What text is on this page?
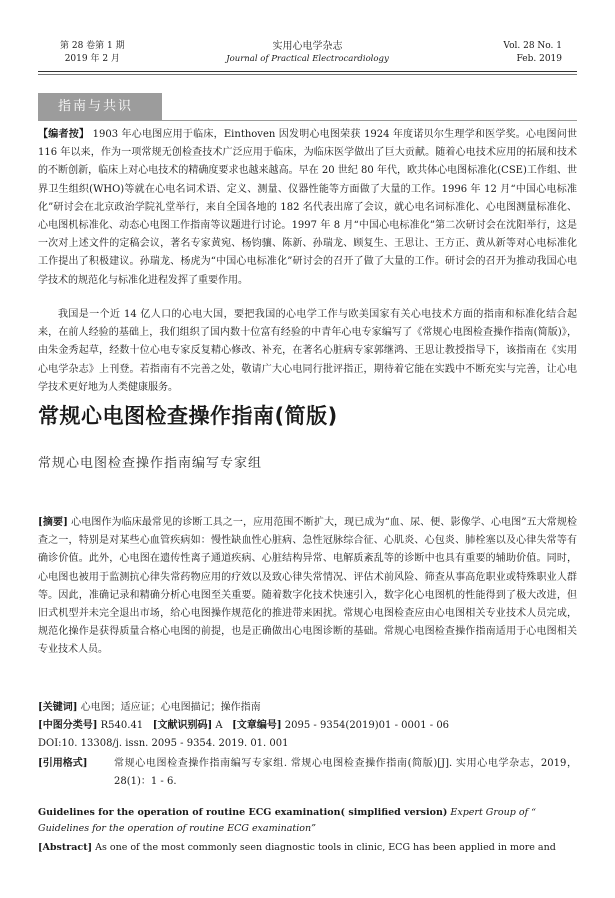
第 28 卷第 1 期
2019 年 2 月
实用心电学杂志
Journal of Practical Electrocardiology
Vol. 28 No. 1
Feb. 2019
指南与共识

【编者按】 1903 年心电图应用于临床，Einthoven 因发明心电图荣获 1924 年度诺贝尔生理学和医学奖。心电图问世 116 年以来，作为一项常规无创检查技术广泛应用于临床，为临床医学做出了巨大贡献。随着心电技术应用的拓展和技术的不断创新，临床上对心电技术的精确度要求也越来越高。早在 20 世纪 80 年代，欧共体心电图标准化(CSE)工作组、世界卫生组织(WHO)等就在心电名词术语、定义、测量、仪器性能等方面做了大量的工作。1996 年 12 月“中国心电标准化”研讨会在北京政治学院礼堂举行，来自全国各地的 182 名代表出席了会议，就心电名词标准化、心电图测量标准化、心电图机标准化、动态心电图工作指南等议题进行讨论。1997 年 8 月“中国心电标准化”第二次研讨会在沈阳举行，这是一次对上述文件的定稿会议，著名专家黄宛、杨钧骧、陈新、孙瑞龙、顾复生、王思让、王方正、黄从新等对心电标准化工作提出了积极建议。孙瑞龙、杨虎为“中国心电标准化”研讨会的召开了做了大量的工作。研讨会的召开为推动我国心电学技术的规范化与标准化进程发挥了重要作用。

我国是一个近 14 亿人口的心电大国，要把我国的心电学工作与欧美国家有关心电技术方面的指南和标准化结合起来，在前人经验的基础上，我们组织了国内数十位富有经验的中青年心电专家编写了《常规心电图检查操作指南(简版)》，由朱金秀起草，经数十位心电专家反复精心修改、补充，在著名心脏病专家郭继鸿、王思让教授指导下，该指南在《实用心电学杂志》上刊登。若指南有不完善之处，敬请广大心电同行批评指正，期待着它能在实践中不断充实与完善，让心电学技术更好地为人类健康服务。

常规心电图检查操作指南(简版)
常规心电图检查操作指南编写专家组

[摘要] 心电图作为临床最常见的诊断工具之一，应用范围不断扩大，现已成为“血、尿、便、影像学、心电图”五大常规检查之一，特别是对某些心血管疾病如：慢性缺血性心脏病、急性冠脉综合征、心肌炎、心包炎、肺栓塞以及心律失常等有确诊价值。此外，心电图在遗传性离子通道疾病、心脏结构异常、电解质紊乱等的诊断中也具有重要的辅助价值。同时，心电图也被用于监测抗心律失常药物应用的疗效以及致心律失常情况、评估术前风险、筛查从事高危职业或特殊职业人群等。因此，准确记录和精确分析心电图至关重要。随着数字化技术快速引入，数字化心电图机的性能得到了极大改进，但旧式机型并未完全退出市场，给心电图操作规范化的推进带来困扰。常规心电图检查应由心电图相关专业技术人员完成，规范化操作是获得质量合格心电图的前提，也是正确做出心电图诊断的基础。常规心电图检查操作指南适用于心电图相关专业技术人员。

[关键词] 心电图；适应证；心电图描记；操作指南
[中图分类号] R540.41   [文献识别码] A   [文章编号] 2095 - 9354(2019)01 - 0001 - 06
DOI:10. 13308/j. issn. 2095 - 9354. 2019. 01. 001
[引用格式]	常规心电图检查操作指南编写专家组. 常规心电图检查操作指南(简版)[J]. 实用心电学杂志，2019，28(1)：1 - 6.

Guidelines for the operation of routine ECG examination( simplified version) Expert Group of “ Guidelines for the operation of routine ECG examination”

[Abstract] As one of the most commonly seen diagnostic tools in clinic, ECG has been applied in more and
